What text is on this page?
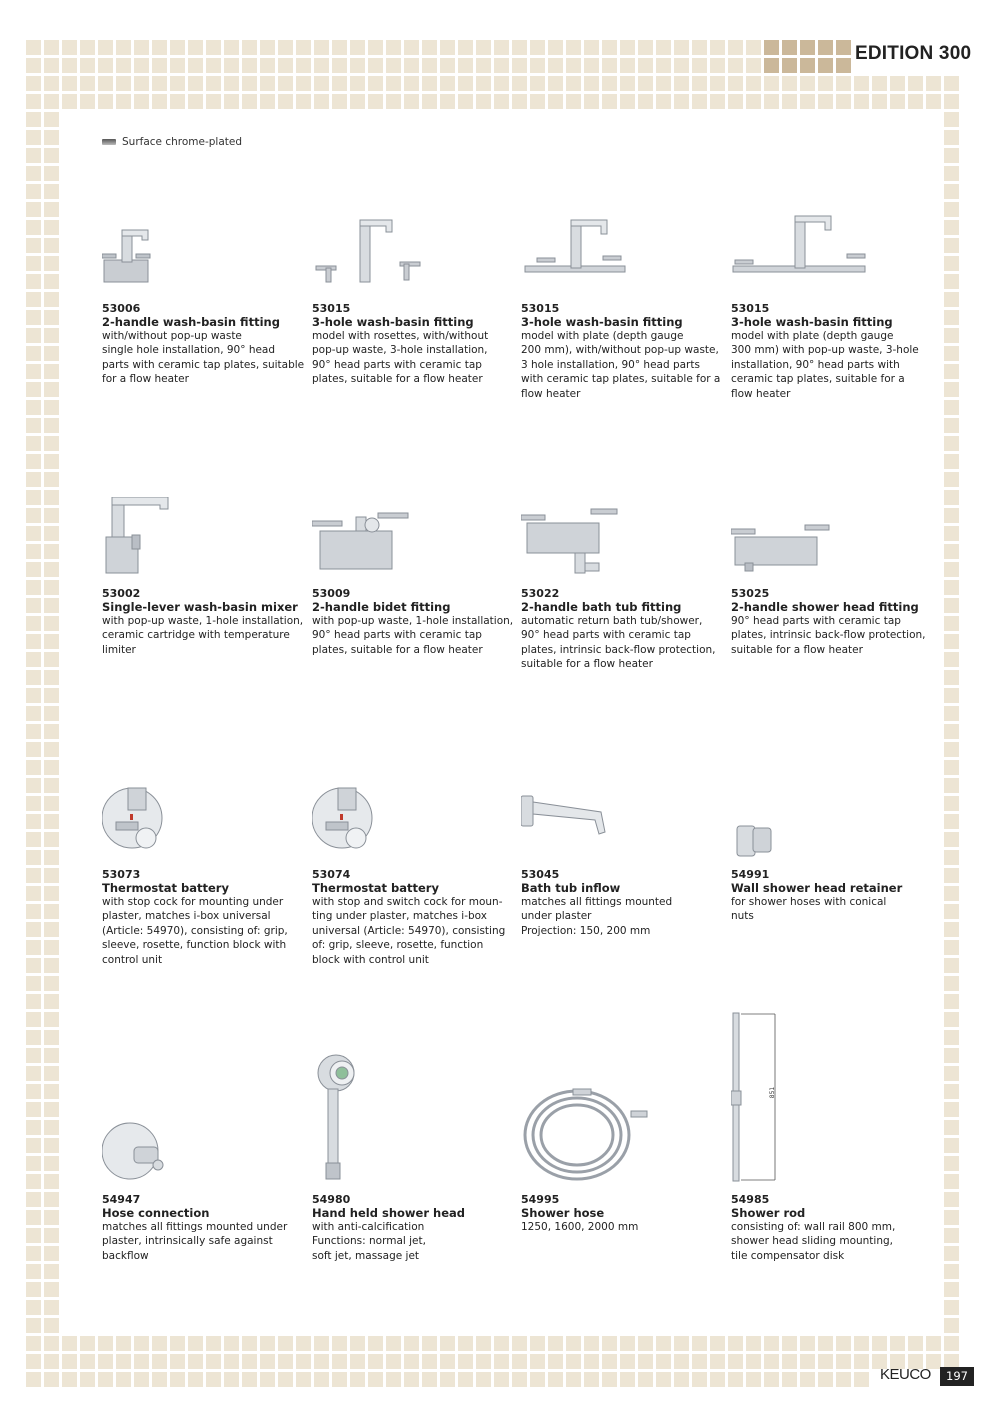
EDITION 300
Surface chrome-plated
53006
2-handle wash-basin fitting
with/without pop-up waste
single hole installation, 90° head
parts with ceramic tap plates, suitable
for a flow heater
53015
3-hole wash-basin fitting
model with rosettes, with/without
pop-up waste, 3-hole installation,
90° head parts with ceramic tap
plates, suitable for a flow heater
53015
3-hole wash-basin fitting
model with plate (depth gauge
200 mm), with/without pop-up waste,
3 hole installation, 90° head parts
with ceramic tap plates, suitable for a
flow heater
53015
3-hole wash-basin fitting
model with plate (depth gauge
300 mm) with pop-up waste, 3-hole
installation, 90° head parts with
ceramic tap plates, suitable for a
flow heater
53002
Single-lever wash-basin mixer
with pop-up waste, 1-hole installation,
ceramic cartridge with temperature
limiter
53009
2-handle bidet fitting
with pop-up waste, 1-hole installation,
90° head parts with ceramic tap
plates, suitable for a flow heater
53022
2-handle bath tub fitting
automatic return bath tub/shower,
90° head parts with ceramic tap
plates, intrinsic back-flow protection,
suitable for a flow heater
53025
2-handle shower head fitting
90° head parts with ceramic tap
plates, intrinsic back-flow protection,
suitable for a flow heater
53073
Thermostat battery
with stop cock for mounting under
plaster, matches i-box universal
(Article: 54970), consisting of: grip,
sleeve, rosette, function block with
control unit
53074
Thermostat battery
with stop and switch cock for moun-
ting under plaster, matches i-box
universal (Article: 54970), consisting
of: grip, sleeve, rosette, function
block with control unit
53045
Bath tub inflow
matches all fittings mounted
under plaster
Projection: 150, 200 mm
54991
Wall shower head retainer
for shower hoses with conical
nuts
54947
Hose connection
matches all fittings mounted under
plaster, intrinsically safe against
backflow
54980
Hand held shower head
with anti-calcification
Functions: normal jet,
soft jet, massage jet
54995
Shower hose
1250, 1600, 2000 mm
851
54985
Shower rod
consisting of: wall rail 800 mm,
shower head sliding mounting,
tile compensator disk
KEUCO	197
